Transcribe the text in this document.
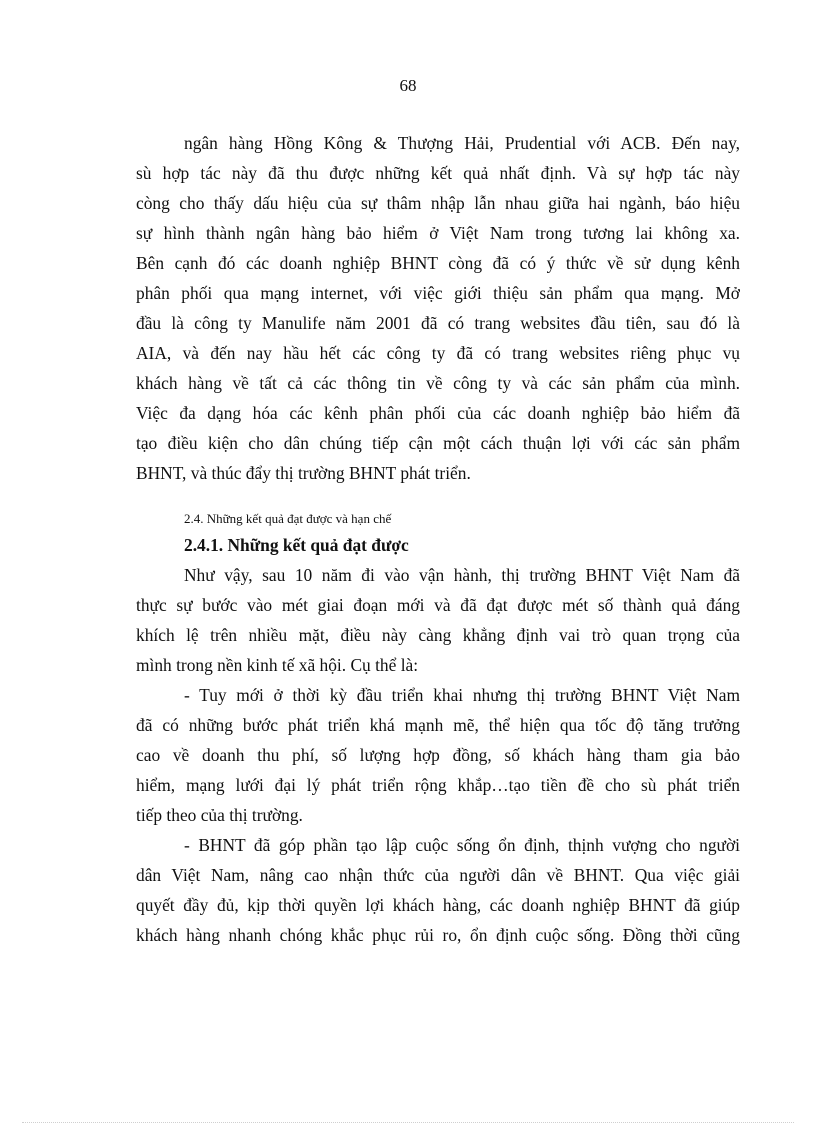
68
ngân hàng Hồng Kông & Thượng Hải, Prudential với ACB. Đến nay,
sù hợp tác này đã thu được những kết quả nhất định. Và sự hợp tác này
còng cho thấy dấu hiệu của sự thâm nhập lẫn nhau giữa hai ngành, báo hiệu
sự hình thành ngân hàng bảo hiểm ở Việt Nam trong tương lai không xa.
Bên cạnh đó các doanh nghiệp BHNT còng đã có ý thức về sử dụng kênh
phân phối qua mạng internet, với việc giới thiệu sản phẩm qua mạng. Mở
đầu là công ty Manulife năm 2001 đã có trang websites đầu tiên, sau đó là
AIA, và đến nay hầu hết các công ty đã có trang websites riêng phục vụ
khách hàng về tất cả các thông tin về công ty và các sản phẩm của mình.
Việc đa dạng hóa các kênh phân phối của các doanh nghiệp bảo hiểm đã
tạo điều kiện cho dân chúng tiếp cận một cách thuận lợi với các sản phẩm
BHNT, và thúc đẩy thị trường BHNT phát triển.
2.4. Những kết quả đạt được và hạn chế
2.4.1. Những kết quả đạt được
Như vậy, sau 10 năm đi vào vận hành, thị trường BHNT Việt Nam đã
thực sự bước vào mét giai đoạn mới và đã đạt được mét số thành quả đáng
khích lệ trên nhiều mặt, điều này càng khẳng định vai trò quan trọng của
mình trong nền kinh tế xã hội. Cụ thể là:
- Tuy mới ở thời kỳ đầu triển khai nhưng thị trường BHNT Việt Nam
đã có những bước phát triển khá mạnh mẽ, thể hiện qua tốc độ tăng trưởng
cao về doanh thu phí, số lượng hợp đồng, số khách hàng tham gia bảo
hiểm, mạng lưới đại lý phát triển rộng khắp…tạo tiền đề cho sù phát triển
tiếp theo của thị trường.
- BHNT đã góp phần tạo lập cuộc sống ổn định, thịnh vượng cho người
dân Việt Nam, nâng cao nhận thức của người dân về BHNT. Qua việc giải
quyết đầy đủ, kịp thời quyền lợi khách hàng, các doanh nghiệp BHNT đã giúp
khách hàng nhanh chóng khắc phục rủi ro, ổn định cuộc sống. Đồng thời cũng
